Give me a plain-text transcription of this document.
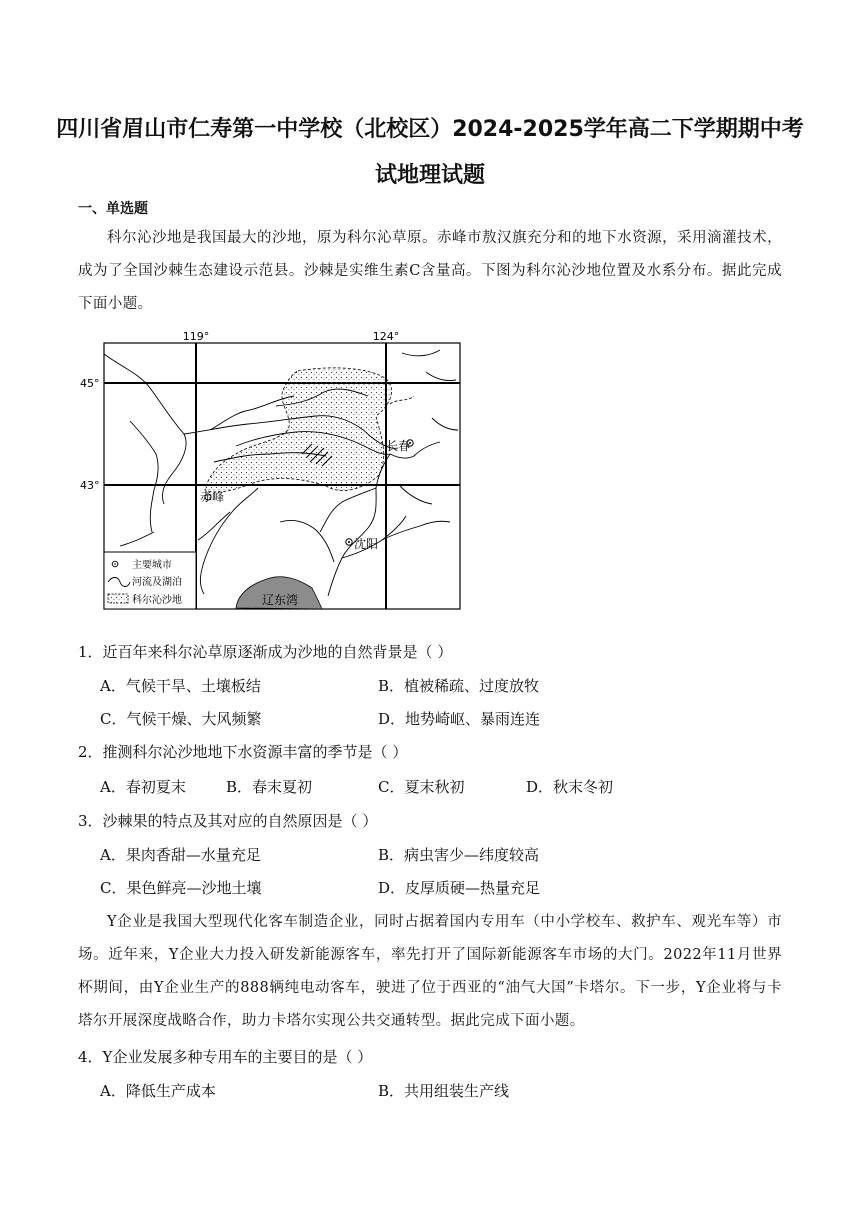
四川省眉山市仁寿第一中学校（北校区）2024-2025学年高二下学期期中考
试地理试题
一、单选题
科尔沁沙地是我国最大的沙地，原为科尔沁草原。赤峰市敖汉旗充分和的地下水资源，采用滴灌技术，成为了全国沙棘生态建设示范县。沙棘是实维生素C含量高。下图为科尔沁沙地位置及水系分布。据此完成下面小题。
119°	124°
45°
43°
辽东湾
长春
赤峰
沈阳
主要城市
河流及湖泊
科尔沁沙地
1．近百年来科尔沁草原逐渐成为沙地的自然背景是（ ）
A．气候干旱、土壤板结	B．植被稀疏、过度放牧
C．气候干燥、大风频繁	D．地势崎岖、暴雨连连
2．推测科尔沁沙地地下水资源丰富的季节是（ ）
A．春初夏末	B．春末夏初	C．夏末秋初	D．秋末冬初
3．沙棘果的特点及其对应的自然原因是（ ）
A．果肉香甜—水量充足	B．病虫害少—纬度较高
C．果色鲜亮—沙地土壤	D．皮厚质硬—热量充足
Y企业是我国大型现代化客车制造企业，同时占据着国内专用车（中小学校车、救护车、观光车等）市场。近年来，Y企业大力投入研发新能源客车，率先打开了国际新能源客车市场的大门。2022年11月世界杯期间，由Y企业生产的888辆纯电动客车，驶进了位于西亚的“油气大国”卡塔尔。下一步，Y企业将与卡塔尔开展深度战略合作，助力卡塔尔实现公共交通转型。据此完成下面小题。
4．Y企业发展多种专用车的主要目的是（ ）
A．降低生产成本	B．共用组装生产线
